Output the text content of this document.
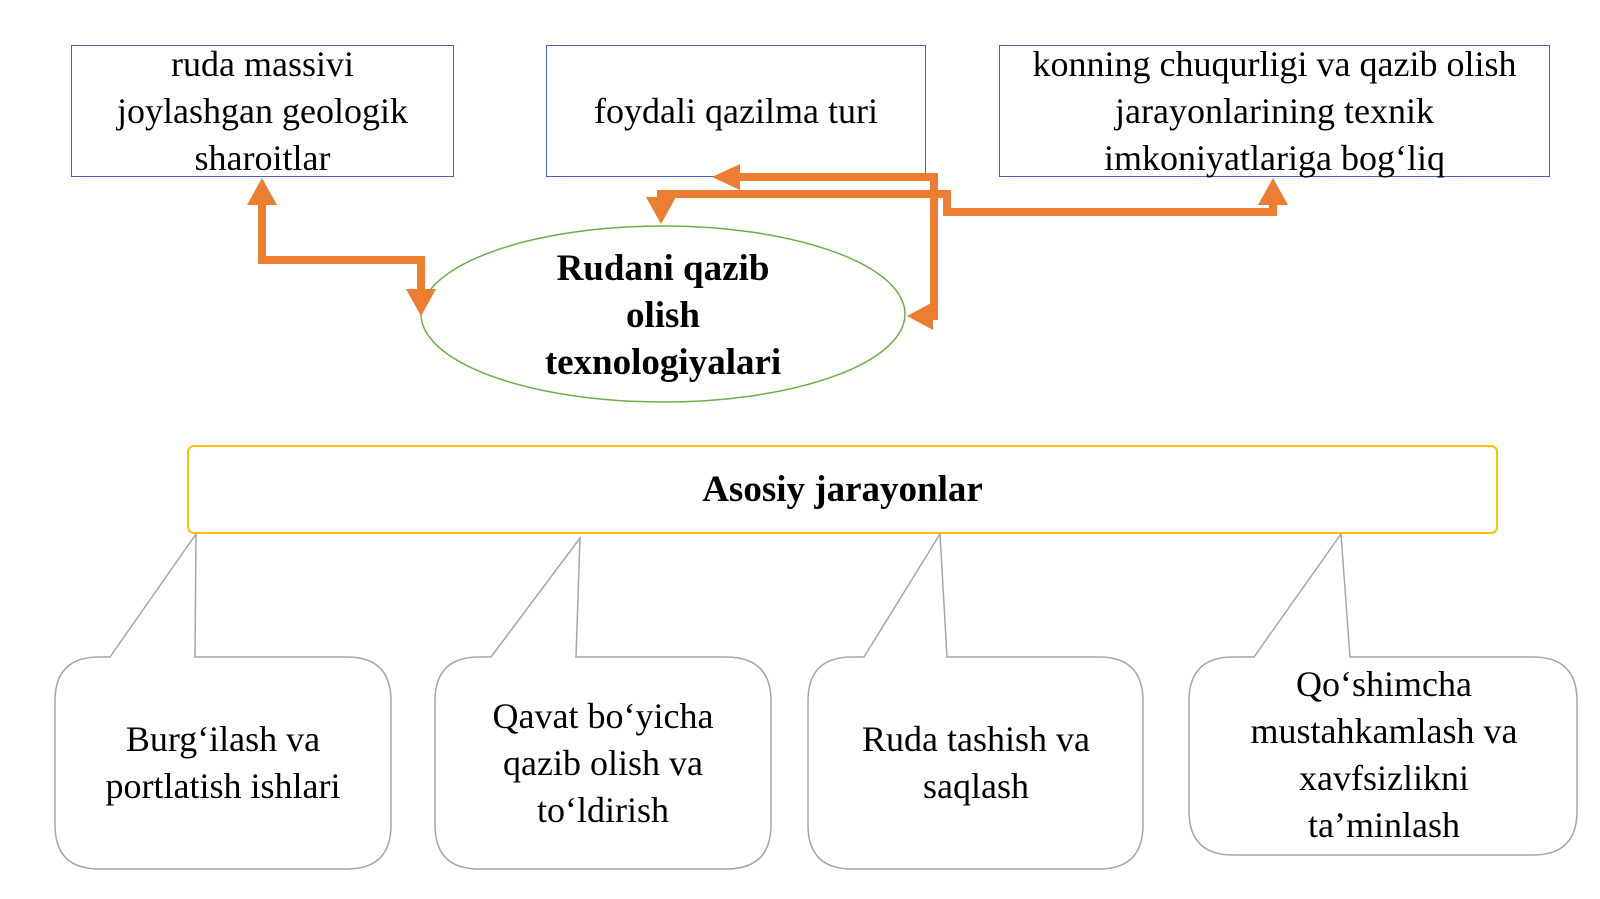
ruda massivi joylashgan geologik sharoitlar
foydali qazilma turi
konning chuqurligi va qazib olish jarayonlarining texnik imkoniyatlariga bog‘liq
Rudani qazib olish texnologiyalari
Asosiy jarayonlar
Burg‘ilash va portlatish ishlari
Qavat bo‘yicha qazib olish va to‘ldirish
Ruda tashish va saqlash
Qo‘shimcha mustahkamlash va xavfsizlikni ta’minlash
